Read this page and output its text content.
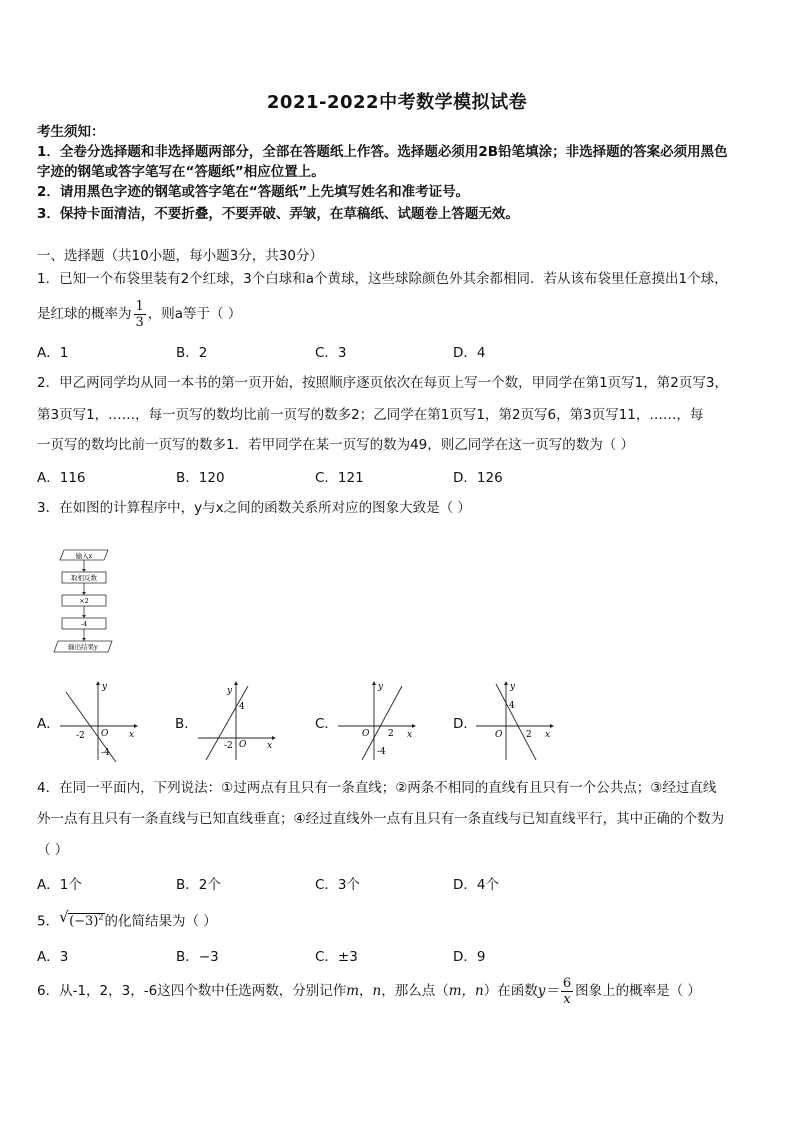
2021-2022中考数学模拟试卷
考生须知：
1．全卷分选择题和非选择题两部分，全部在答题纸上作答。选择题必须用2B铅笔填涂；非选择题的答案必须用黑色
字迹的钢笔或答字笔写在“答题纸”相应位置上。
2．请用黑色字迹的钢笔或答字笔在“答题纸”上先填写姓名和准考证号。
3．保持卡面清洁，不要折叠，不要弄破、弄皱，在草稿纸、试题卷上答题无效。
一、选择题（共10小题，每小题3分，共30分）
1．已知一个布袋里装有2个红球，3个白球和a个黄球，这些球除颜色外其余都相同．若从该布袋里任意摸出1个球，
是红球的概率为 $\frac{1}{3}$ ，则a等于（ ）
A．1	B．2	C．3	D．4
2．甲乙两同学均从同一本书的第一页开始，按照顺序逐页依次在每页上写一个数，甲同学在第1页写1，第2页写3，
第3页写1，……，每一页写的数均比前一页写的数多2；乙同学在第1页写1，第2页写6，第3页写11，……，每
一页写的数均比前一页写的数多1．若甲同学在某一页写的数为49，则乙同学在这一页写的数为（ ）
A．116	B．120	C．121	D．126
3．在如图的计算程序中，y与x之间的函数关系所对应的图象大致是（ ）
输入x
取相反数
×2
-4
输出结果y
A．
x
y
O
-2
-4
B．
x
y
O
-2
4
C．
x
y
O 2
-4
D．
x
y
O	2
4
4．在同一平面内，下列说法：①过两点有且只有一条直线；②两条不相同的直线有且只有一个公共点；③经过直线
外一点有且只有一条直线与已知直线垂直；④经过直线外一点有且只有一条直线与已知直线平行，其中正确的个数为
（ ）
A．1个	B．2个	C．3个	D．4个
5． √ $(-3)^2$的化简结果为（ ）
A．3	B．−3	C．±3	D．9
6．从-1，2，3，-6这四个数中任选两数，分别记作m，n，那么点（m，n）在函数$y= \frac{6}{x}$ 图象上的概率是（ ）
